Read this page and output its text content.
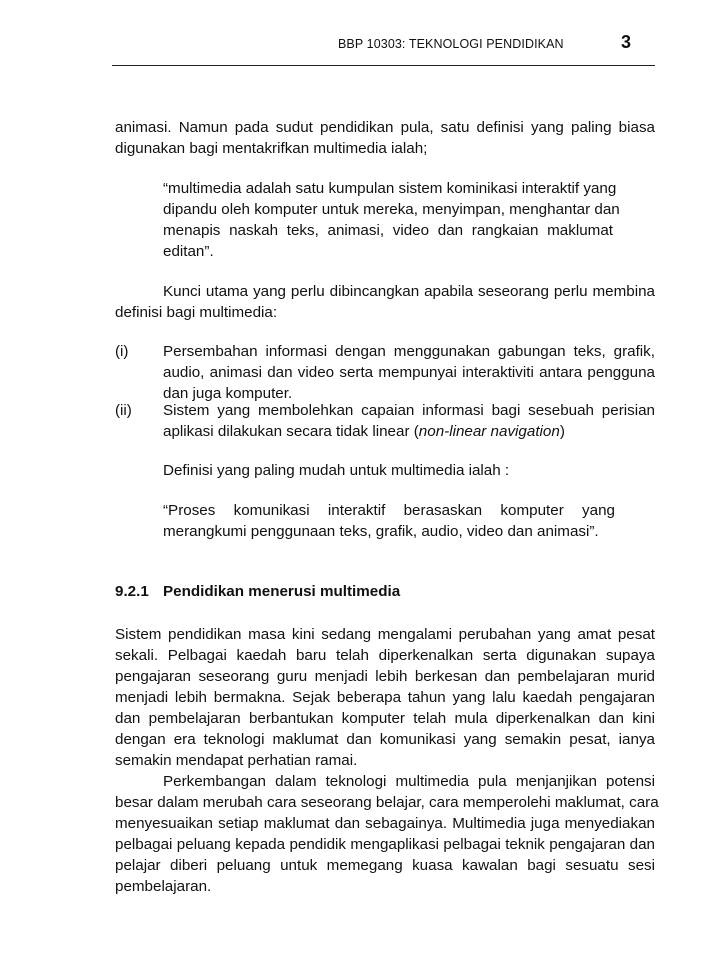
BBP 10303: TEKNOLOGI PENDIDIKAN	3
animasi. Namun pada sudut pendidikan pula, satu definisi yang paling biasa
digunakan bagi mentakrifkan multimedia ialah;
“multimedia adalah satu kumpulan sistem kominikasi interaktif yang
dipandu oleh komputer untuk mereka, menyimpan, menghantar dan
menapis naskah teks, animasi, video dan rangkaian maklumat
editan”.
Kunci utama yang perlu dibincangkan apabila seseorang perlu membina
definisi bagi multimedia:
(i) Persembahan informasi dengan menggunakan gabungan teks, grafik,
audio, animasi dan video serta mempunyai interaktiviti antara pengguna
dan juga komputer.
(ii) Sistem yang membolehkan capaian informasi bagi sesebuah perisian
aplikasi dilakukan secara tidak linear (non-linear navigation)
Definisi yang paling mudah untuk multimedia ialah :
“Proses komunikasi interaktif berasaskan komputer yang
merangkumi penggunaan teks, grafik, audio, video dan animasi”.
9.2.1 Pendidikan menerusi multimedia
Sistem pendidikan masa kini sedang mengalami perubahan yang amat pesat
sekali. Pelbagai kaedah baru telah diperkenalkan serta digunakan supaya
pengajaran seseorang guru menjadi lebih berkesan dan pembelajaran murid
menjadi lebih bermakna. Sejak beberapa tahun yang lalu kaedah pengajaran
dan pembelajaran berbantukan komputer telah mula diperkenalkan dan kini
dengan era teknologi maklumat dan komunikasi yang semakin pesat, ianya
semakin mendapat perhatian ramai.
Perkembangan dalam teknologi multimedia pula menjanjikan potensi
besar dalam merubah cara seseorang belajar, cara memperolehi maklumat, cara
menyesuaikan setiap maklumat dan sebagainya. Multimedia juga menyediakan
pelbagai peluang kepada pendidik mengaplikasi pelbagai teknik pengajaran dan
pelajar diberi peluang untuk memegang kuasa kawalan bagi sesuatu sesi
pembelajaran.
